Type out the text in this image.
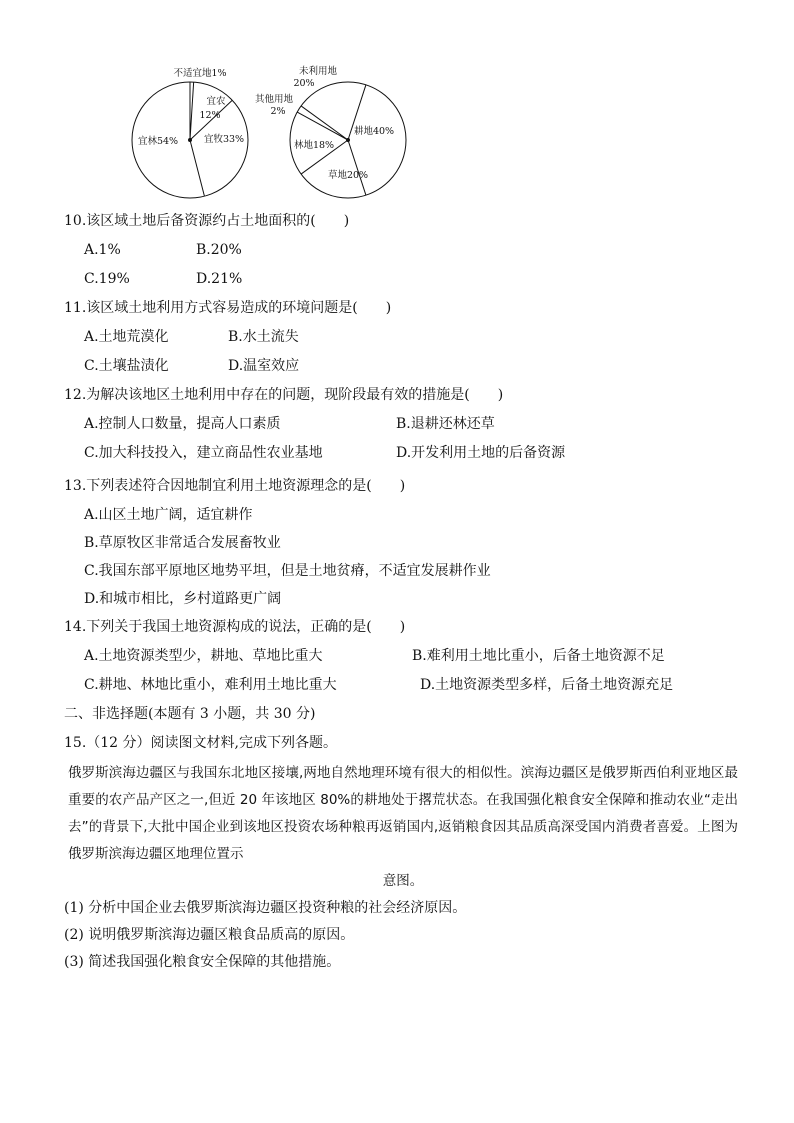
不适宜地1%
宜农
12%
宜牧33%
宜林54%
耕地40%
草地20%
林地18%
其他用地
2%
未利用地
20%
10.该区域土地后备资源约占土地面积的(　　)
A.1%	B.20%
C.19%	D.21%
11.该区域土地利用方式容易造成的环境问题是(　　)
A.土地荒漠化	B.水土流失
C.土壤盐渍化	D.温室效应
12.为解决该地区土地利用中存在的问题，现阶段最有效的措施是(　　)
A.控制人口数量，提高人口素质	B.退耕还林还草
C.加大科技投入，建立商品性农业基地	D.开发利用土地的后备资源
13.下列表述符合因地制宜利用土地资源理念的是(　　)
A.山区土地广阔，适宜耕作
B.草原牧区非常适合发展畜牧业
C.我国东部平原地区地势平坦，但是土地贫瘠，不适宜发展耕作业
D.和城市相比，乡村道路更广阔
14.下列关于我国土地资源构成的说法，正确的是(　　)
A.土地资源类型少，耕地、草地比重大	B.难利用土地比重小，后备土地资源不足
C.耕地、林地比重小，难利用土地比重大	D.土地资源类型多样，后备土地资源充足
二、非选择题(本题有 3 小题，共 30 分)
15.（12 分）阅读图文材料,完成下列各题。
俄罗斯滨海边疆区与我国东北地区接壤,两地自然地理环境有很大的相似性。滨海边疆区是俄罗斯西伯利亚地区最重要的农产品产区之一,但近 20 年该地区 80%的耕地处于撂荒状态。在我国强化粮食安全保障和推动农业“走出去”的背景下,大批中国企业到该地区投资农场种粮再返销国内,返销粮食因其品质高深受国内消费者喜爱。上图为俄罗斯滨海边疆区地理位置示
意图。
(1) 分析中国企业去俄罗斯滨海边疆区投资种粮的社会经济原因。
(2) 说明俄罗斯滨海边疆区粮食品质高的原因。
(3) 简述我国强化粮食安全保障的其他措施。
